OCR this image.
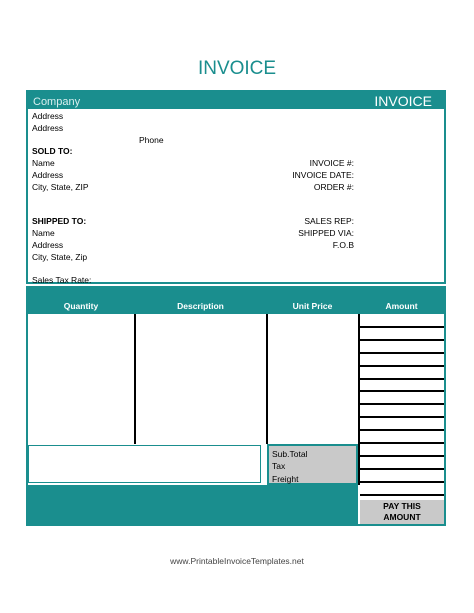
INVOICE
Company	INVOICE
Address
Address
Phone
SOLD TO:
Name
Address
City, State, ZIP
INVOICE #:
INVOICE DATE:
ORDER #:
SHIPPED TO:
Name
Address
City, State, Zip
SALES REP:
SHIPPED VIA:
F.O.B
Sales Tax Rate:
Quantity	Description	Unit Price	Amount
Sub.Total
Tax
Freight
PAY THIS
AMOUNT
www.PrintableInvoiceTemplates.net
